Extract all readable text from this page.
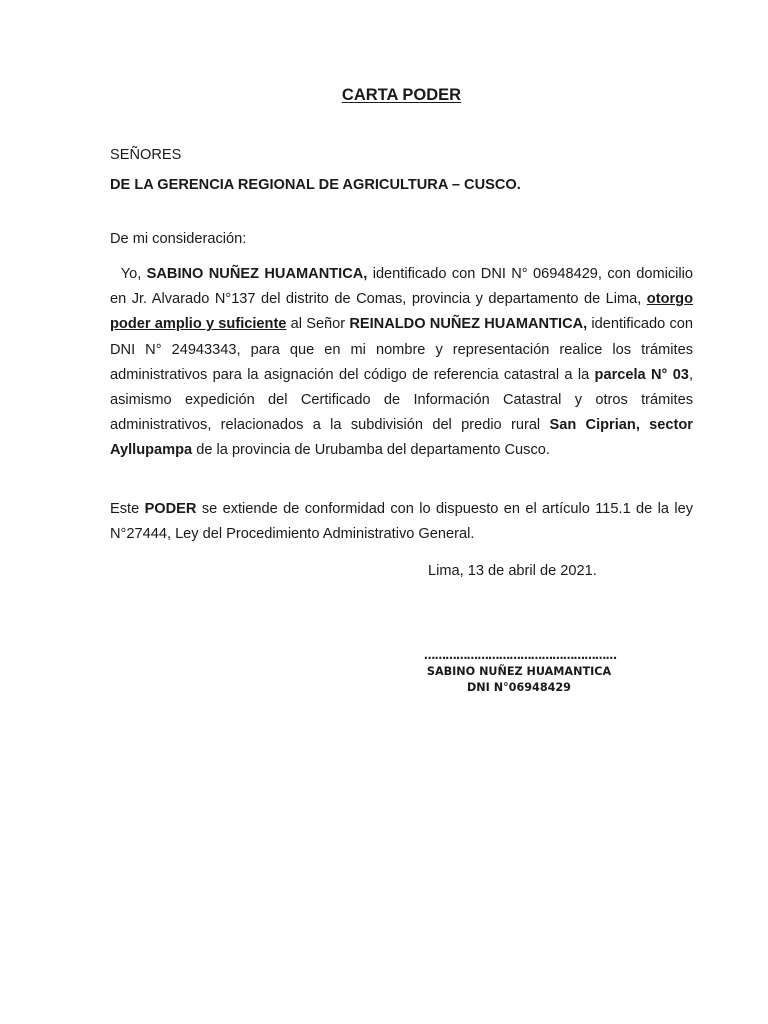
CARTA PODER
SEÑORES
DE LA GERENCIA REGIONAL DE AGRICULTURA – CUSCO.
De mi consideración:
Yo, SABINO NUÑEZ HUAMANTICA, identificado con DNI N° 06948429, con domicilio en Jr. Alvarado N°137 del distrito de Comas, provincia y departamento de Lima, otorgo poder amplio y suficiente al Señor REINALDO NUÑEZ HUAMANTICA, identificado con DNI N° 24943343, para que en mi nombre y representación realice los trámites administrativos para la asignación del código de referencia catastral a la parcela N° 03, asimismo expedición del Certificado de Información Catastral y otros trámites administrativos, relacionados a la subdivisión del predio rural San Ciprian, sector Ayllupampa de la provincia de Urubamba del departamento Cusco.
Este PODER se extiende de conformidad con lo dispuesto en el artículo 115.1 de la ley N°27444, Ley del Procedimiento Administrativo General.
Lima, 13 de abril de 2021.
………………………………………………
SABINO NUÑEZ HUAMANTICA
DNI N°06948429
